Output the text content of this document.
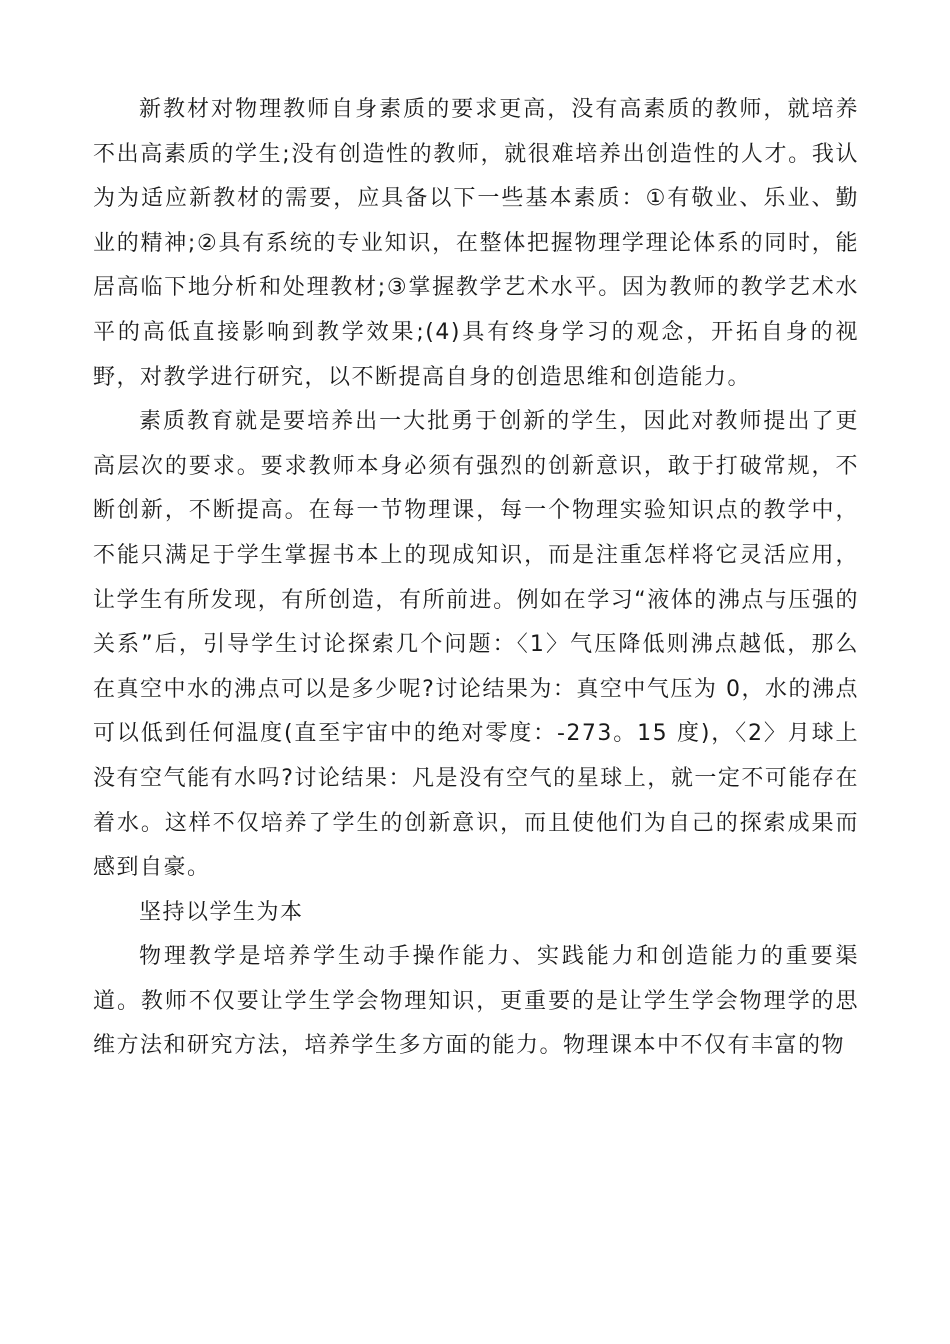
新教材对物理教师自身素质的要求更高，没有高素质的教师，就培养不出高素质的学生;没有创造性的教师，就很难培养出创造性的人才。我认为为适应新教材的需要，应具备以下一些基本素质：①有敬业、乐业、勤业的精神;②具有系统的专业知识，在整体把握物理学理论体系的同时，能居高临下地分析和处理教材;③掌握教学艺术水平。因为教师的教学艺术水平的高低直接影响到教学效果;(4)具有终身学习的观念，开拓自身的视野，对教学进行研究，以不断提高自身的创造思维和创造能力。

素质教育就是要培养出一大批勇于创新的学生，因此对教师提出了更高层次的要求。要求教师本身必须有强烈的创新意识，敢于打破常规，不断创新，不断提高。在每一节物理课，每一个物理实验知识点的教学中，不能只满足于学生掌握书本上的现成知识，而是注重怎样将它灵活应用，让学生有所发现，有所创造，有所前进。例如在学习“液体的沸点与压强的关系”后，引导学生讨论探索几个问题：〈1〉气压降低则沸点越低，那么在真空中水的沸点可以是多少呢?讨论结果为：真空中气压为 0，水的沸点可以低到任何温度(直至宇宙中的绝对零度：-273。15 度)，〈2〉月球上没有空气能有水吗?讨论结果：凡是没有空气的星球上，就一定不可能存在着水。这样不仅培养了学生的创新意识，而且使他们为自己的探索成果而感到自豪。

坚持以学生为本

物理教学是培养学生动手操作能力、实践能力和创造能力的重要渠道。教师不仅要让学生学会物理知识，更重要的是让学生学会物理学的思维方法和研究方法，培养学生多方面的能力。物理课本中不仅有丰富的物
